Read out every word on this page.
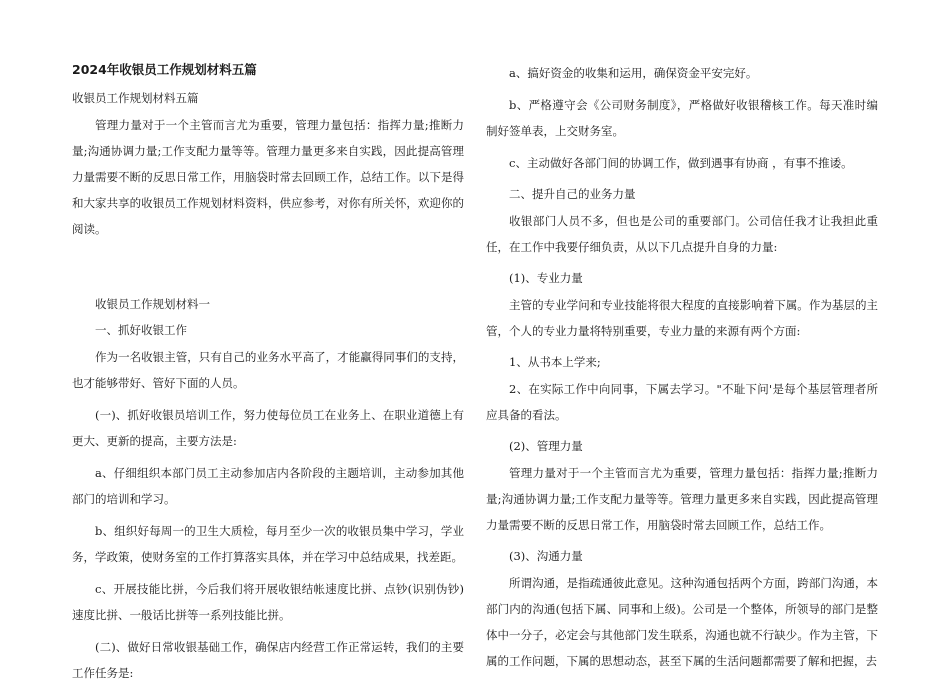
2024年收银员工作规划材料五篇
收银员工作规划材料五篇
管理力量对于一个主管而言尤为重要，管理力量包括：指挥力量;推断力量;沟通协调力量;工作支配力量等等。管理力量更多来自实践，因此提高管理力量需要不断的反思日常工作，用脑袋时常去回顾工作，总结工作。以下是得和大家共享的收银员工作规划材料资料，供应参考，对你有所关怀，欢迎你的阅读。
收银员工作规划材料一
一、抓好收银工作
作为一名收银主管，只有自己的业务水平高了，才能赢得同事们的支持，也才能够带好、管好下面的人员。
(一)、抓好收银员培训工作，努力使每位员工在业务上、在职业道德上有更大、更新的提高，主要方法是:
a、仔细组织本部门员工主动参加店内各阶段的主题培训，主动参加其他部门的培训和学习。
b、组织好每周一的卫生大质检，每月至少一次的收银员集中学习，学业务，学政策，使财务室的工作打算落实具体，并在学习中总结成果，找差距。
c、开展技能比拼，今后我们将开展收银结帐速度比拼、点钞(识别伪钞)速度比拼、一般话比拼等一系列技能比拼。
(二)、做好日常收银基础工作，确保店内经营工作正常运转，我们的主要工作任务是:
a、搞好资金的收集和运用，确保资金平安完好。
b、严格遵守会《公司财务制度》，严格做好收银稽核工作。每天准时编制好签单表，上交财务室。
c、主动做好各部门间的协调工作，做到遇事有协商 ，有事不推诿。
二、提升自己的业务力量
收银部门人员不多，但也是公司的重要部门。公司信任我才让我担此重任，在工作中我要仔细负责，从以下几点提升自身的力量:
(1)、专业力量
主管的专业学问和专业技能将很大程度的直接影响着下属。作为基层的主管，个人的专业力量将特别重要，专业力量的来源有两个方面:
1、从书本上学来;
2、在实际工作中向同事，下属去学习。"不耻下问'是每个基层管理者所应具备的看法。
(2)、管理力量
管理力量对于一个主管而言尤为重要，管理力量包括：指挥力量;推断力量;沟通协调力量;工作支配力量等等。管理力量更多来自实践，因此提高管理力量需要不断的反思日常工作，用脑袋时常去回顾工作，总结工作。
(3)、沟通力量
所谓沟通，是指疏通彼此意见。这种沟通包括两个方面，跨部门沟通，本部门内的沟通(包括下属、同事和上级)。公司是一个整体，所领导的部门是整体中一分子，必定会与其他部门发生联系，沟通也就不行缺少。作为主管，下属的工作问题，下属的思想动态，甚至下属的生活问题都需要了解和把握，去
